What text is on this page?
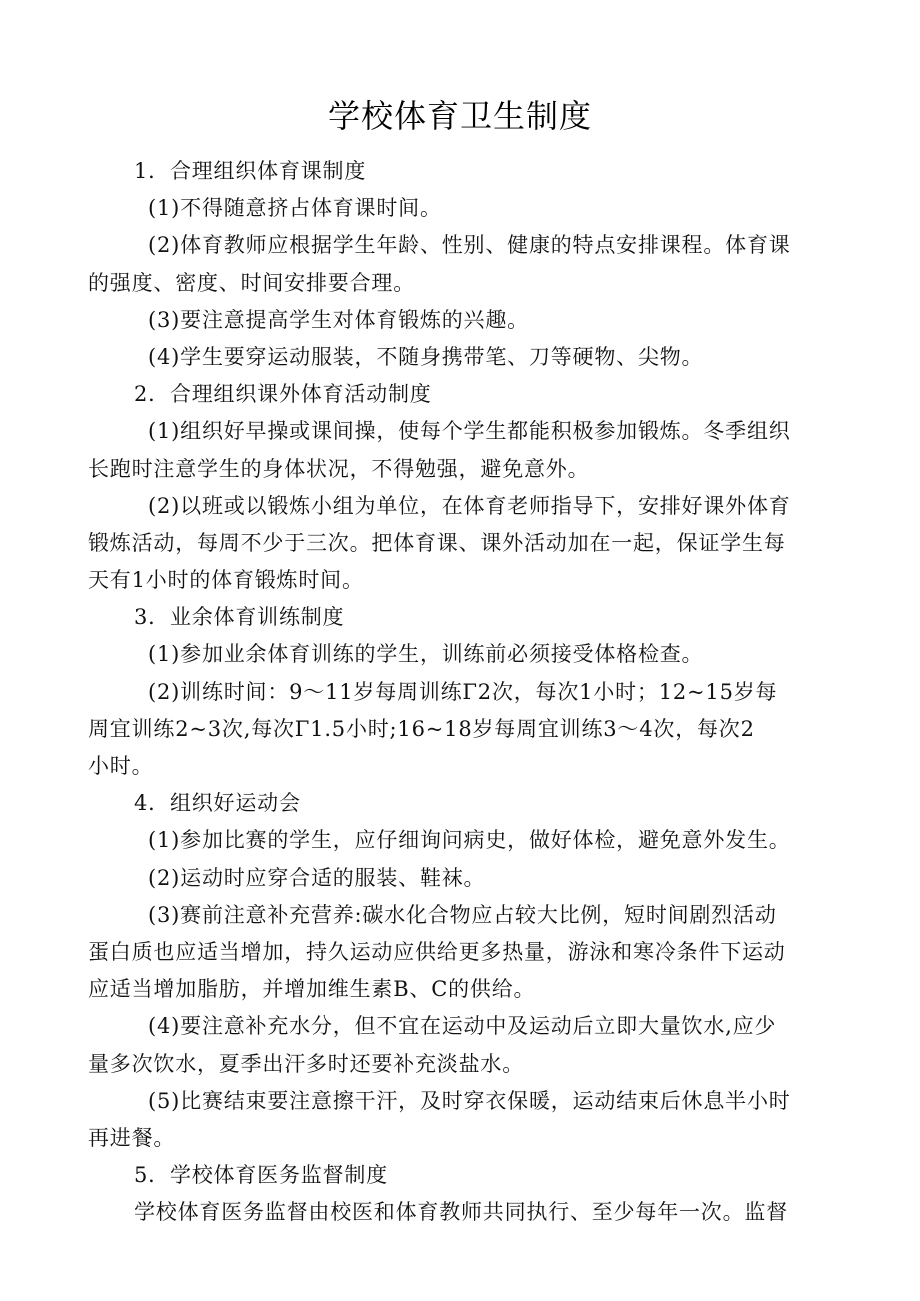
学校体育卫生制度
1．合理组织体育课制度
(1)不得随意挤占体育课时间。
(2)体育教师应根据学生年龄、性别、健康的特点安排课程。体育课
的强度、密度、时间安排要合理。
(3)要注意提高学生对体育锻炼的兴趣。
(4)学生要穿运动服装，不随身携带笔、刀等硬物、尖物。
2．合理组织课外体育活动制度
(1)组织好早操或课间操，使每个学生都能积极参加锻炼。冬季组织
长跑时注意学生的身体状况，不得勉强，避免意外。
(2)以班或以锻炼小组为单位，在体育老师指导下，安排好课外体育
锻炼活动，每周不少于三次。把体育课、课外活动加在一起，保证学生每
天有1小时的体育锻炼时间。
3．业余体育训练制度
(1)参加业余体育训练的学生，训练前必须接受体格检查。
(2)训练时间：9～11岁每周训练Γ2次，每次1小时；12~15岁每
周宜训练2~3次,每次Γ1.5小时;16~18岁每周宜训练3～4次，每次2
小时。
4．组织好运动会
(1)参加比赛的学生，应仔细询问病史，做好体检，避免意外发生。
(2)运动时应穿合适的服装、鞋袜。
(3)赛前注意补充营养:碳水化合物应占较大比例，短时间剧烈活动
蛋白质也应适当增加，持久运动应供给更多热量，游泳和寒冷条件下运动
应适当增加脂肪，并增加维生素B、C的供给。
(4)要注意补充水分，但不宜在运动中及运动后立即大量饮水,应少
量多次饮水，夏季出汗多时还要补充淡盐水。
(5)比赛结束要注意擦干汗，及时穿衣保暖，运动结束后休息半小时
再进餐。
5．学校体育医务监督制度
学校体育医务监督由校医和体育教师共同执行、至少每年一次。监督
